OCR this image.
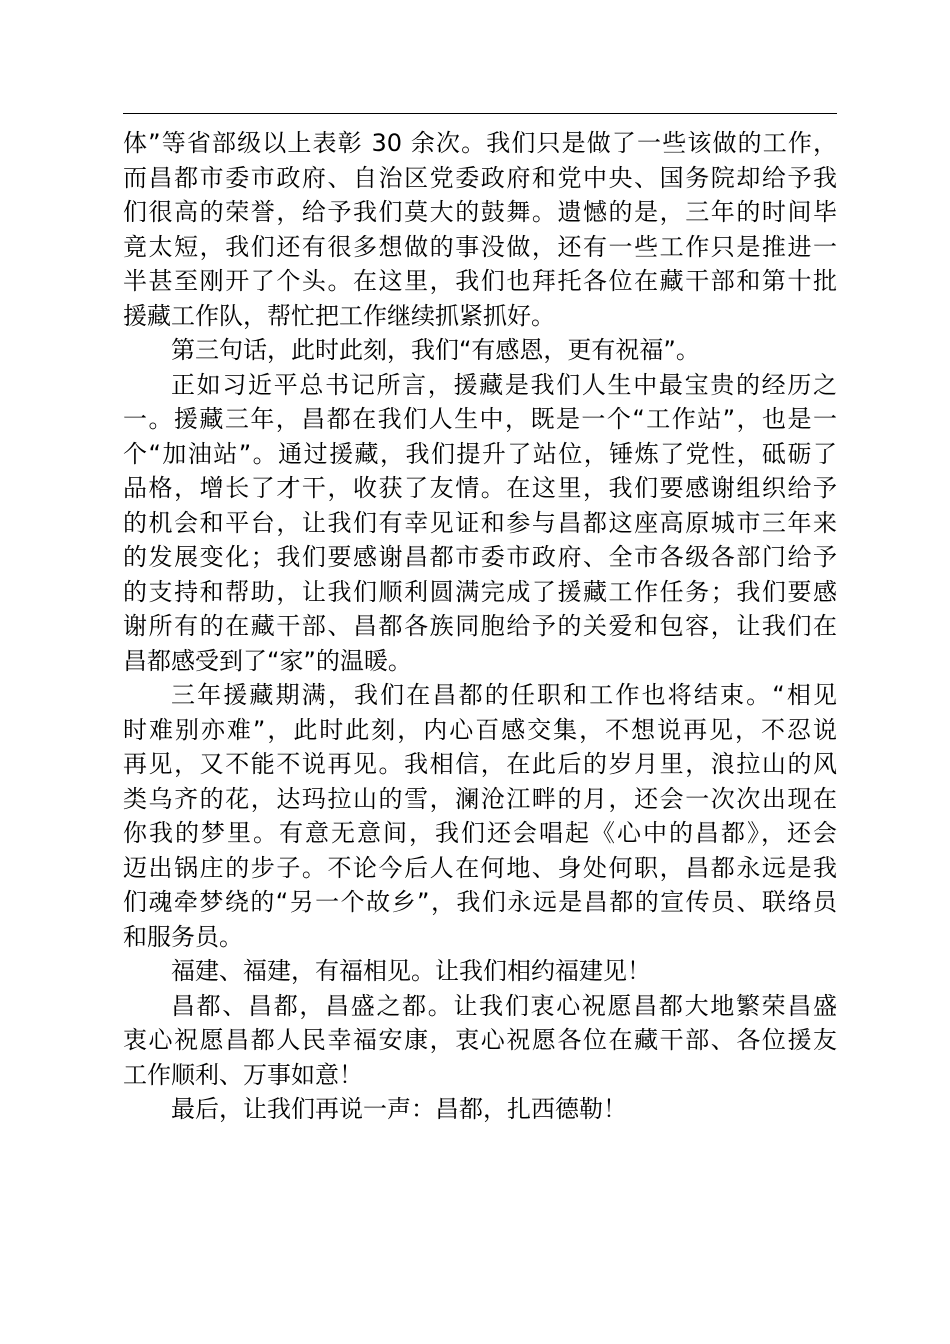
体”等省部级以上表彰 30 余次。我们只是做了一些该做的工作，
而昌都市委市政府、自治区党委政府和党中央、国务院却给予我
们很高的荣誉，给予我们莫大的鼓舞。遗憾的是，三年的时间毕
竟太短，我们还有很多想做的事没做，还有一些工作只是推进一
半甚至刚开了个头。在这里，我们也拜托各位在藏干部和第十批
援藏工作队，帮忙把工作继续抓紧抓好。
第三句话，此时此刻，我们“有感恩，更有祝福”。
正如习近平总书记所言，援藏是我们人生中最宝贵的经历之
一。援藏三年，昌都在我们人生中，既是一个“工作站”，也是一
个“加油站”。通过援藏，我们提升了站位，锤炼了党性，砥砺了
品格，增长了才干，收获了友情。在这里，我们要感谢组织给予
的机会和平台，让我们有幸见证和参与昌都这座高原城市三年来
的发展变化；我们要感谢昌都市委市政府、全市各级各部门给予
的支持和帮助，让我们顺利圆满完成了援藏工作任务；我们要感
谢所有的在藏干部、昌都各族同胞给予的关爱和包容，让我们在
昌都感受到了“家”的温暖。
三年援藏期满，我们在昌都的任职和工作也将结束。“相见
时难别亦难”，此时此刻，内心百感交集，不想说再见，不忍说
再见，又不能不说再见。我相信，在此后的岁月里，浪拉山的风
类乌齐的花，达玛拉山的雪，澜沧江畔的月，还会一次次出现在
你我的梦里。有意无意间，我们还会唱起《心中的昌都》，还会
迈出锅庄的步子。不论今后人在何地、身处何职，昌都永远是我
们魂牵梦绕的“另一个故乡”，我们永远是昌都的宣传员、联络员
和服务员。
福建、福建，有福相见。让我们相约福建见！
昌都、昌都，昌盛之都。让我们衷心祝愿昌都大地繁荣昌盛
衷心祝愿昌都人民幸福安康，衷心祝愿各位在藏干部、各位援友
工作顺利、万事如意！
最后，让我们再说一声：昌都，扎西德勒！
